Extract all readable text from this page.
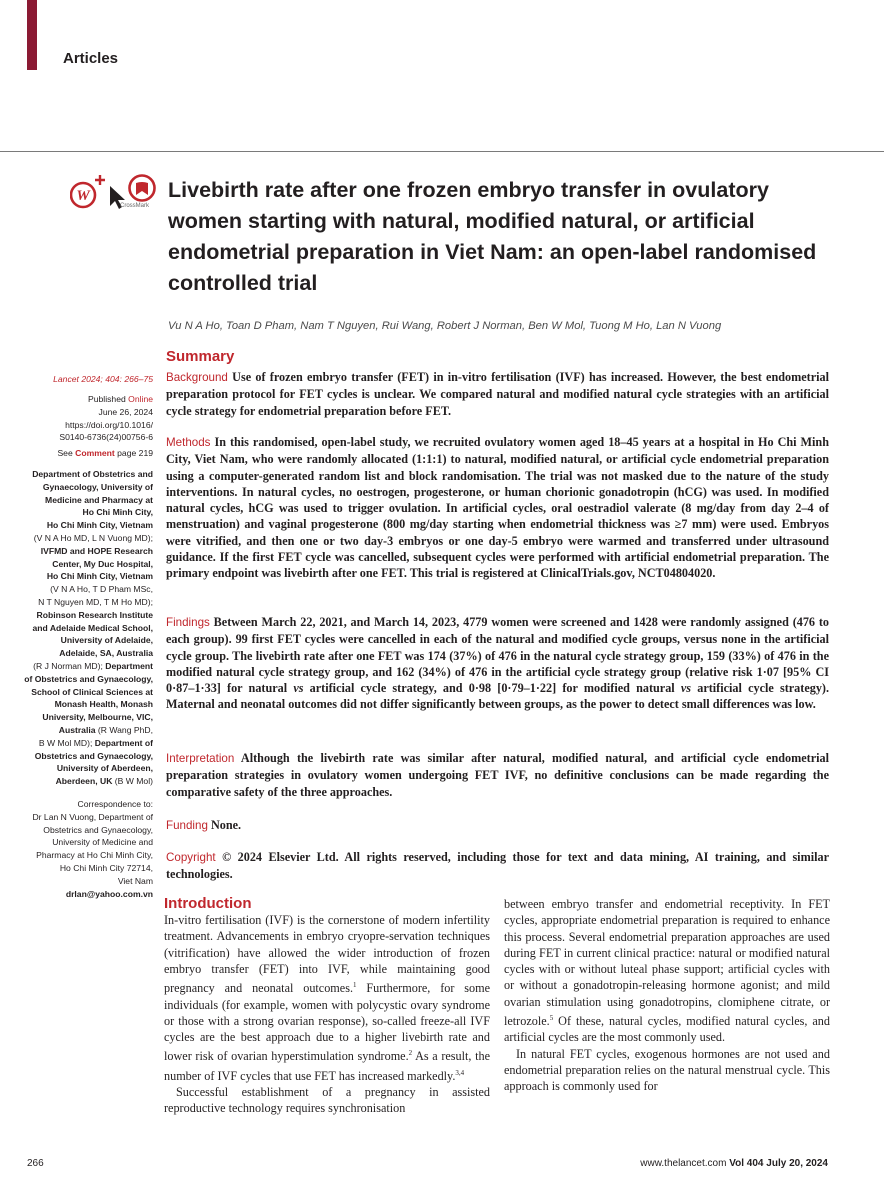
Articles
W
CrossMark
Livebirth rate after one frozen embryo transfer in ovulatory women starting with natural, modified natural, or artificial endometrial preparation in Viet Nam: an open-label randomised controlled trial
Vu N A Ho, Toan D Pham, Nam T Nguyen, Rui Wang, Robert J Norman, Ben W Mol, Tuong M Ho, Lan N Vuong
Lancet 2024; 404: 266–75
Published Online
June 26, 2024
https://doi.org/10.1016/
S0140-6736(24)00756-6
See Comment page 219
Department of Obstetrics and
Gynaecology, University of
Medicine and Pharmacy at
Ho Chi Minh City,
Ho Chi Minh City, Vietnam
(V N A Ho MD, L N Vuong MD);
IVFMD and HOPE Research
Center, My Duc Hospital,
Ho Chi Minh City, Vietnam
(V N A Ho, T D Pham MSc,
N T Nguyen MD, T M Ho MD);
Robinson Research Institute
and Adelaide Medical School,
University of Adelaide,
Adelaide, SA, Australia
(R J Norman MD); Department
of Obstetrics and Gynaecology,
School of Clinical Sciences at
Monash Health, Monash
University, Melbourne, VIC,
Australia (R Wang PhD,
B W Mol MD); Department of
Obstetrics and Gynaecology,
University of Aberdeen,
Aberdeen, UK (B W Mol)
Correspondence to:
Dr Lan N Vuong, Department of
Obstetrics and Gynaecology,
University of Medicine and
Pharmacy at Ho Chi Minh City,
Ho Chi Minh City 72714,
Viet Nam
drlan@yahoo.com.vn
Summary

Background Use of frozen embryo transfer (FET) in in-vitro fertilisation (IVF) has increased. However, the best endometrial preparation protocol for FET cycles is unclear. We compared natural and modified natural cycle strategies with an artificial cycle strategy for endometrial preparation before FET.

Methods In this randomised, open-label study, we recruited ovulatory women aged 18–45 years at a hospital in Ho Chi Minh City, Viet Nam, who were randomly allocated (1:1:1) to natural, modified natural, or artificial cycle endometrial preparation using a computer-generated random list and block randomisation. The trial was not masked due to the nature of the study interventions. In natural cycles, no oestrogen, progesterone, or human chorionic gonadotropin (hCG) was used. In modified natural cycles, hCG was used to trigger ovulation. In artificial cycles, oral oestradiol valerate (8 mg/day from day 2–4 of menstruation) and vaginal progesterone (800 mg/day starting when endometrial thickness was ≥7 mm) were used. Embryos were vitrified, and then one or two day-3 embryos or one day-5 embryo were warmed and transferred under ultrasound guidance. If the first FET cycle was cancelled, subsequent cycles were performed with artificial endometrial preparation. The primary endpoint was livebirth after one FET. This trial is registered at ClinicalTrials.gov, NCT04804020.

Findings Between March 22, 2021, and March 14, 2023, 4779 women were screened and 1428 were randomly assigned (476 to each group). 99 first FET cycles were cancelled in each of the natural and modified cycle groups, versus none in the artificial cycle group. The livebirth rate after one FET was 174 (37%) of 476 in the natural cycle strategy group, 159 (33%) of 476 in the modified natural cycle strategy group, and 162 (34%) of 476 in the artificial cycle strategy group (relative risk 1·07 [95% CI 0·87–1·33] for natural vs artificial cycle strategy, and 0·98 [0·79–1·22] for modified natural vs artificial cycle strategy). Maternal and neonatal outcomes did not differ significantly between groups, as the power to detect small differences was low.

Interpretation Although the livebirth rate was similar after natural, modified natural, and artificial cycle endometrial preparation strategies in ovulatory women undergoing FET IVF, no definitive conclusions can be made regarding the comparative safety of the three approaches.

Funding None.

Copyright © 2024 Elsevier Ltd. All rights reserved, including those for text and data mining, AI training, and similar technologies.

Introduction

In-vitro fertilisation (IVF) is the cornerstone of modern infertility treatment. Advancements in embryo cryopre-servation techniques (vitrification) have allowed the wider introduction of frozen embryo transfer (FET) into IVF, while maintaining good pregnancy and neonatal outcomes.$^1$ Furthermore, for some individuals (for example, women with polycystic ovary syndrome or those with a strong ovarian response), so-called freeze-all IVF cycles are the best approach due to a higher livebirth rate and lower risk of ovarian hyperstimulation syndrome.$^2$ As a result, the number of IVF cycles that use FET has increased markedly.$^{3,4}$

Successful establishment of a pregnancy in assisted reproductive technology requires synchronisation

between embryo transfer and endometrial receptivity. In FET cycles, appropriate endometrial preparation is required to enhance this process. Several endometrial preparation approaches are used during FET in current clinical practice: natural or modified natural cycles with or without luteal phase support; artificial cycles with or without a gonadotropin-releasing hormone agonist; and mild ovarian stimulation using gonadotropins, clomiphene citrate, or letrozole.$^5$ Of these, natural cycles, modified natural cycles, and artificial cycles are the most commonly used.

In natural FET cycles, exogenous hormones are not used and endometrial preparation relies on the natural menstrual cycle. This approach is commonly used for

266	www.thelancet.com Vol 404 July 20, 2024
